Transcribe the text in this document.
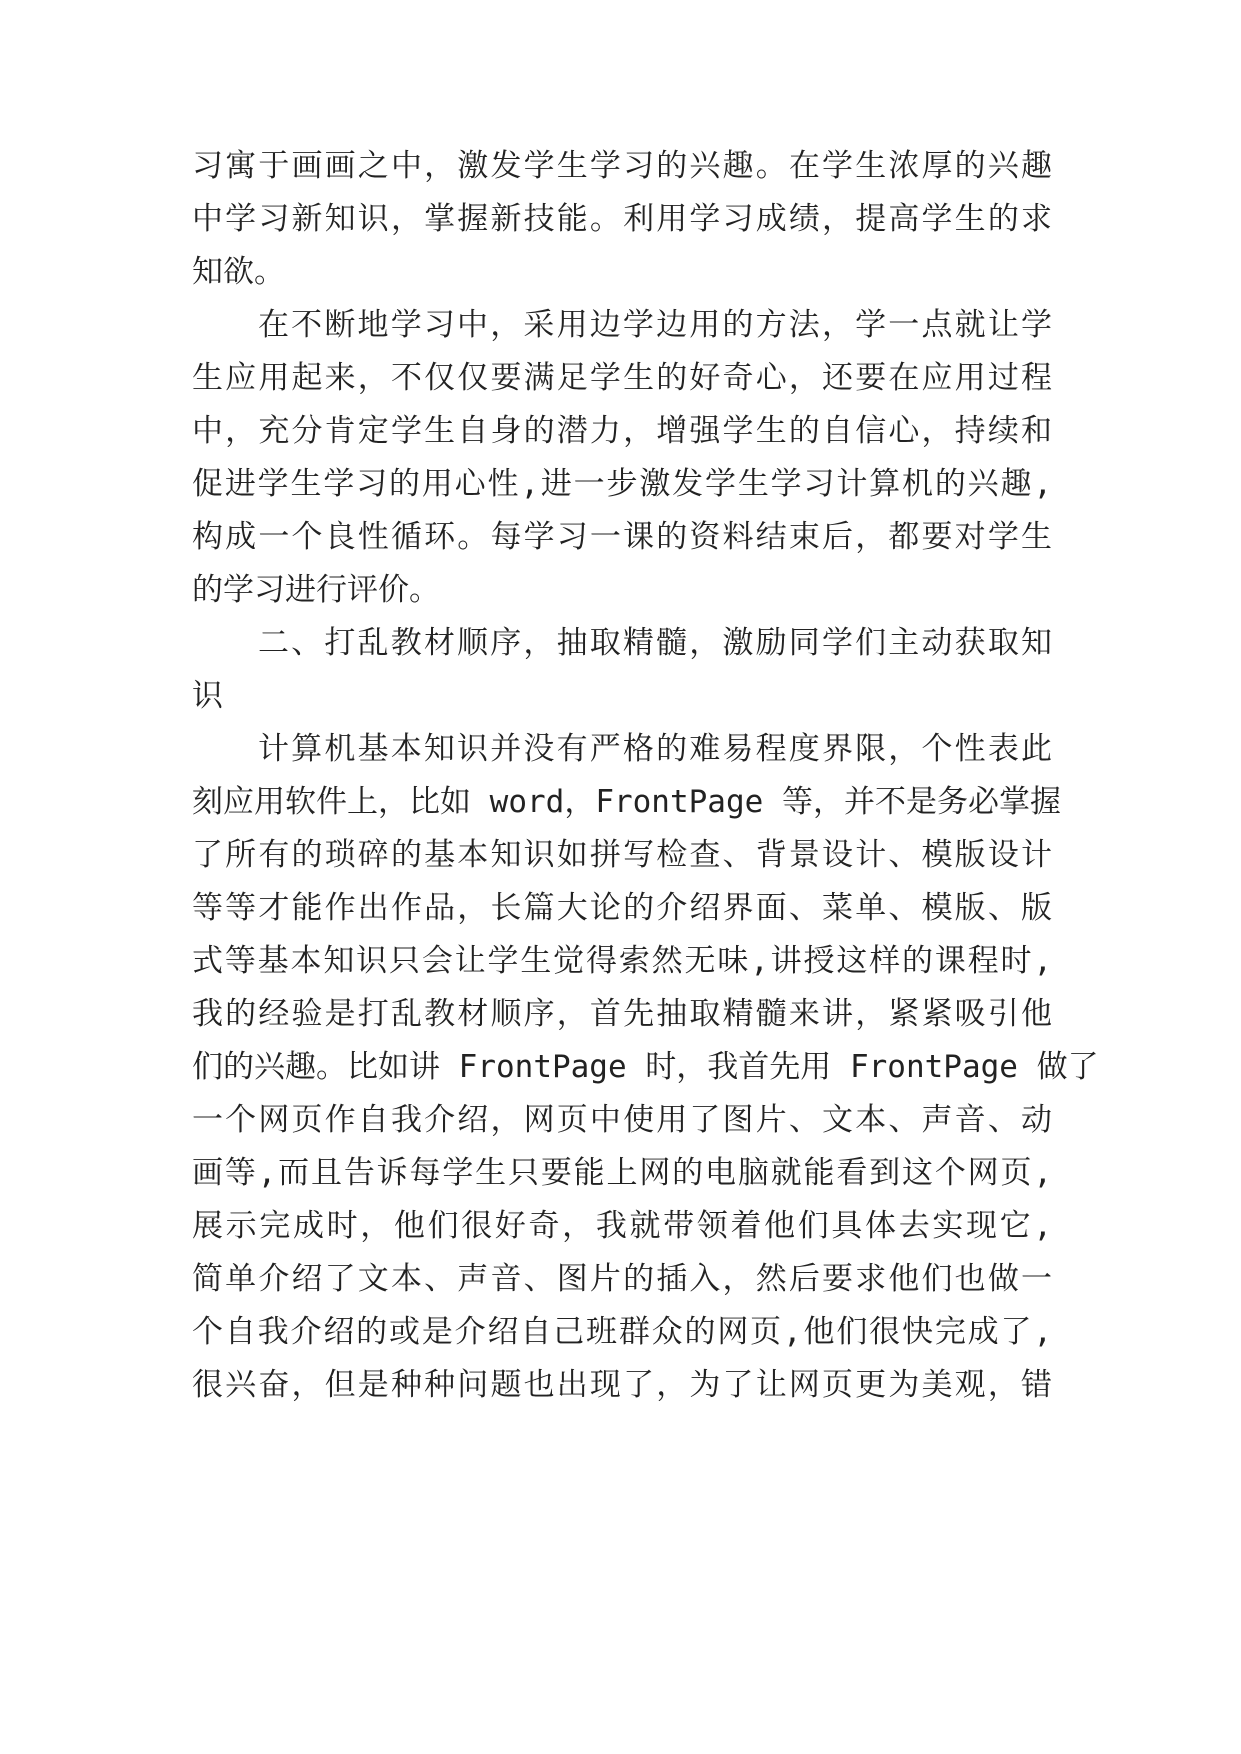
习寓于画画之中，激发学生学习的兴趣。在学生浓厚的兴趣
中学习新知识，掌握新技能。利用学习成绩，提高学生的求
知欲。
在不断地学习中，采用边学边用的方法，学一点就让学
生应用起来，不仅仅要满足学生的好奇心，还要在应用过程
中，充分肯定学生自身的潜力，增强学生的自信心，持续和
促进学生学习的用心性,进一步激发学生学习计算机的兴趣,
构成一个良性循环。每学习一课的资料结束后，都要对学生
的学习进行评价。
二、打乱教材顺序，抽取精髓，激励同学们主动获取知
识
计算机基本知识并没有严格的难易程度界限，个性表此
刻应用软件上，比如 word，FrontPage 等，并不是务必掌握
了所有的琐碎的基本知识如拼写检查、背景设计、模版设计
等等才能作出作品，长篇大论的介绍界面、菜单、模版、版
式等基本知识只会让学生觉得索然无味,讲授这样的课程时,
我的经验是打乱教材顺序，首先抽取精髓来讲，紧紧吸引他
们的兴趣。比如讲 FrontPage 时，我首先用 FrontPage 做了
一个网页作自我介绍，网页中使用了图片、文本、声音、动
画等,而且告诉每学生只要能上网的电脑就能看到这个网页,
展示完成时，他们很好奇，我就带领着他们具体去实现它,
简单介绍了文本、声音、图片的插入，然后要求他们也做一
个自我介绍的或是介绍自己班群众的网页,他们很快完成了,
很兴奋，但是种种问题也出现了，为了让网页更为美观，错
